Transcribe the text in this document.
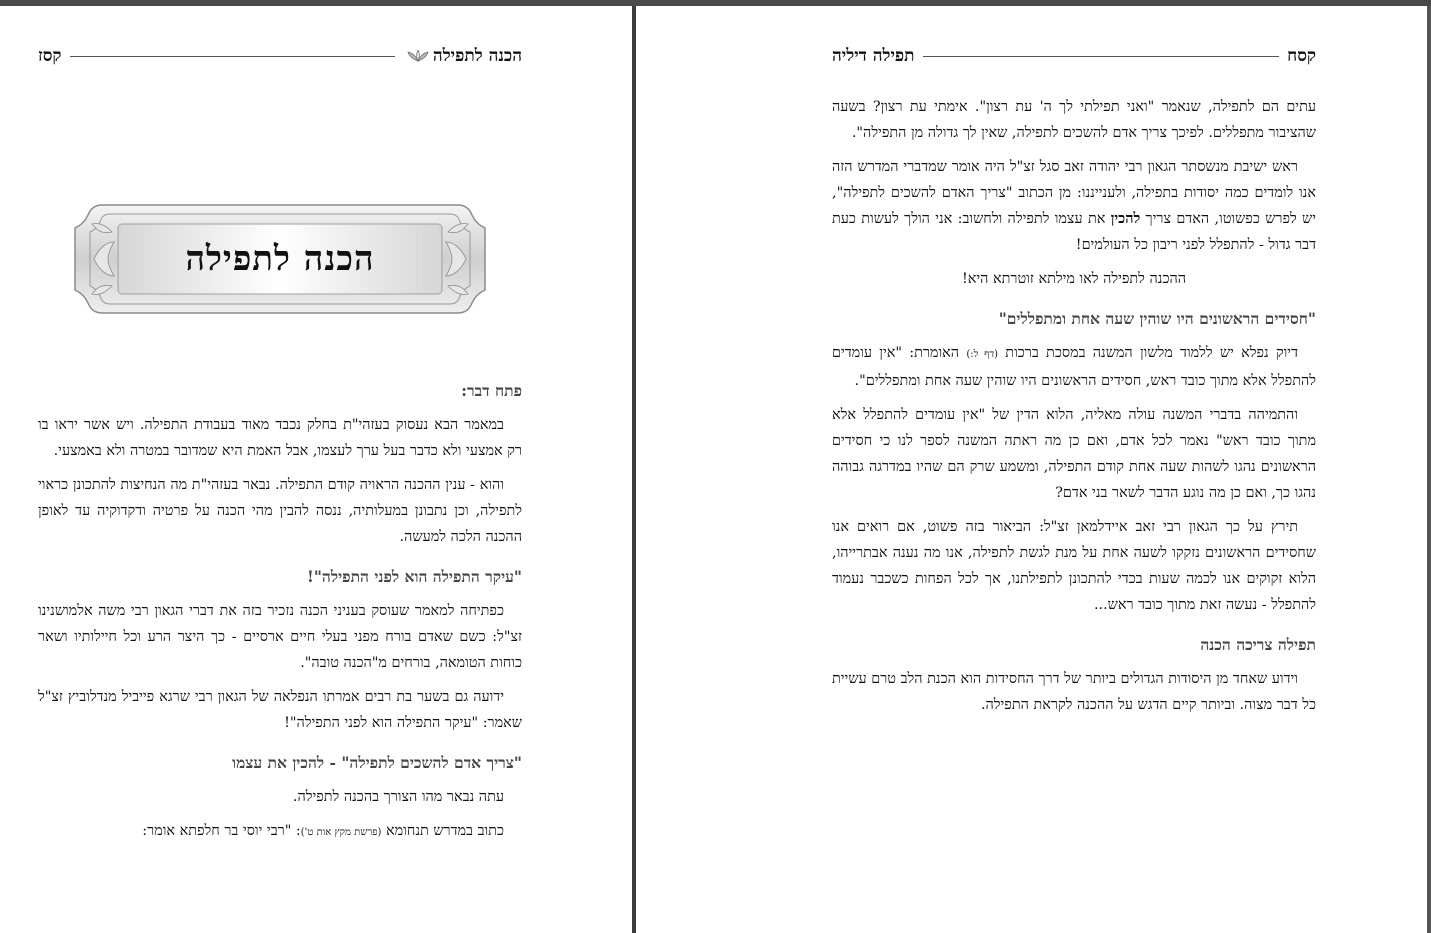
הכנה לתפילה
קסז
הכנה לתפילה
פתח דבר:

במאמר הבא נעסוק בעזהי"ת בחלק נכבד מאוד בעבודת התפילה. ויש אשר יראו בו רק אמצעי ולא כדבר בעל ערך לעצמו, אבל האמת היא שמדובר במטרה ולא באמצעי.

והוא - ענין ההכנה הראויה קודם התפילה. נבאר בעזהי"ת מה הנחיצות להתכונן כראוי לתפילה, וכן נתבונן במעלותיה, ננסה להבין מהי הכנה על פרטיה ודקדוקיה עד לאופן ההכנה הלכה למעשה.

"עיקר התפילה הוא לפני התפילה"!

כפתיחה למאמר שעוסק בעניני הכנה נזכיר בזה את דברי הגאון רבי משה אלמושנינו זצ"ל: כשם שאדם בורח מפני בעלי חיים ארסיים - כך היצר הרע וכל חיילותיו ושאר כוחות הטומאה, בורחים מ"הכנה טובה".

ידועה גם בשער בת רבים אמרתו הנפלאה של הגאון רבי שרגא פייביל מנדלוביץ זצ"ל שאמר: "עיקר התפילה הוא לפני התפילה"!

"צריך אדם להשכים לתפילה" - להכין את עצמו

עתה נבאר מהו הצורך בהכנה לתפילה.

כתוב במדרש תנחומא (פרשת מקץ אות ט'): "רבי יוסי בר חלפתא אומר:

קסח
תפילה דיליה

עתים הם לתפילה, שנאמר "ואני תפילתי לך ה' עת רצון". אימתי עת רצון? בשעה שהציבור מתפללים. לפיכך צריך אדם להשכים לתפילה, שאין לך גדולה מן התפילה".

ראש ישיבת מנשסתר הגאון רבי יהודה זאב סגל זצ"ל היה אומר שמדברי המדרש הזה אנו לומדים כמה יסודות בתפילה, ולענייננו: מן הכתוב "צריך האדם להשכים לתפילה", יש לפרש כפשוטו, האדם צריך להכין את עצמו לתפילה ולחשוב: אני הולך לעשות כעת דבר גדול - להתפלל לפני ריבון כל העולמים!

ההכנה לתפילה לאו מילתא זוטרתא היא!

"חסידים הראשונים היו שוהין שעה אחת ומתפללים"

דיוק נפלא יש ללמוד מלשון המשנה במסכת ברכות (דף ל:) האומרת: "אין עומדים להתפלל אלא מתוך כובד ראש, חסידים הראשונים היו שוהין שעה אחת ומתפללים".

והתמיהה בדברי המשנה עולה מאליה, הלוא הדין של "אין עומדים להתפלל אלא מתוך כובד ראש" נאמר לכל אדם, ואם כן מה ראתה המשנה לספר לנו כי חסידים הראשונים נהגו לשהות שעה אחת קודם התפילה, ומשמע שרק הם שהיו במדרגה גבוהה נהגו כך, ואם כן מה נוגע הדבר לשאר בני אדם?

תירץ על כך הגאון רבי זאב איידלמאן זצ"ל: הביאור בזה פשוט, אם רואים אנו שחסידים הראשונים נזקקו לשעה אחת על מנת לגשת לתפילה, אנו מה נענה אבתרייהו, הלוא זקוקים אנו לכמה שעות בכדי להתכונן לתפילתנו, אך לכל הפחות כשכבר נעמוד להתפלל - נעשה זאת מתוך כובד ראש...

תפילה צריכה הכנה

וידוע שאחד מן היסודות הגדולים ביותר של דרך החסידות הוא הכנת הלב טרם עשיית כל דבר מצוה. וביותר קיים הדגש על ההכנה לקראת התפילה.
